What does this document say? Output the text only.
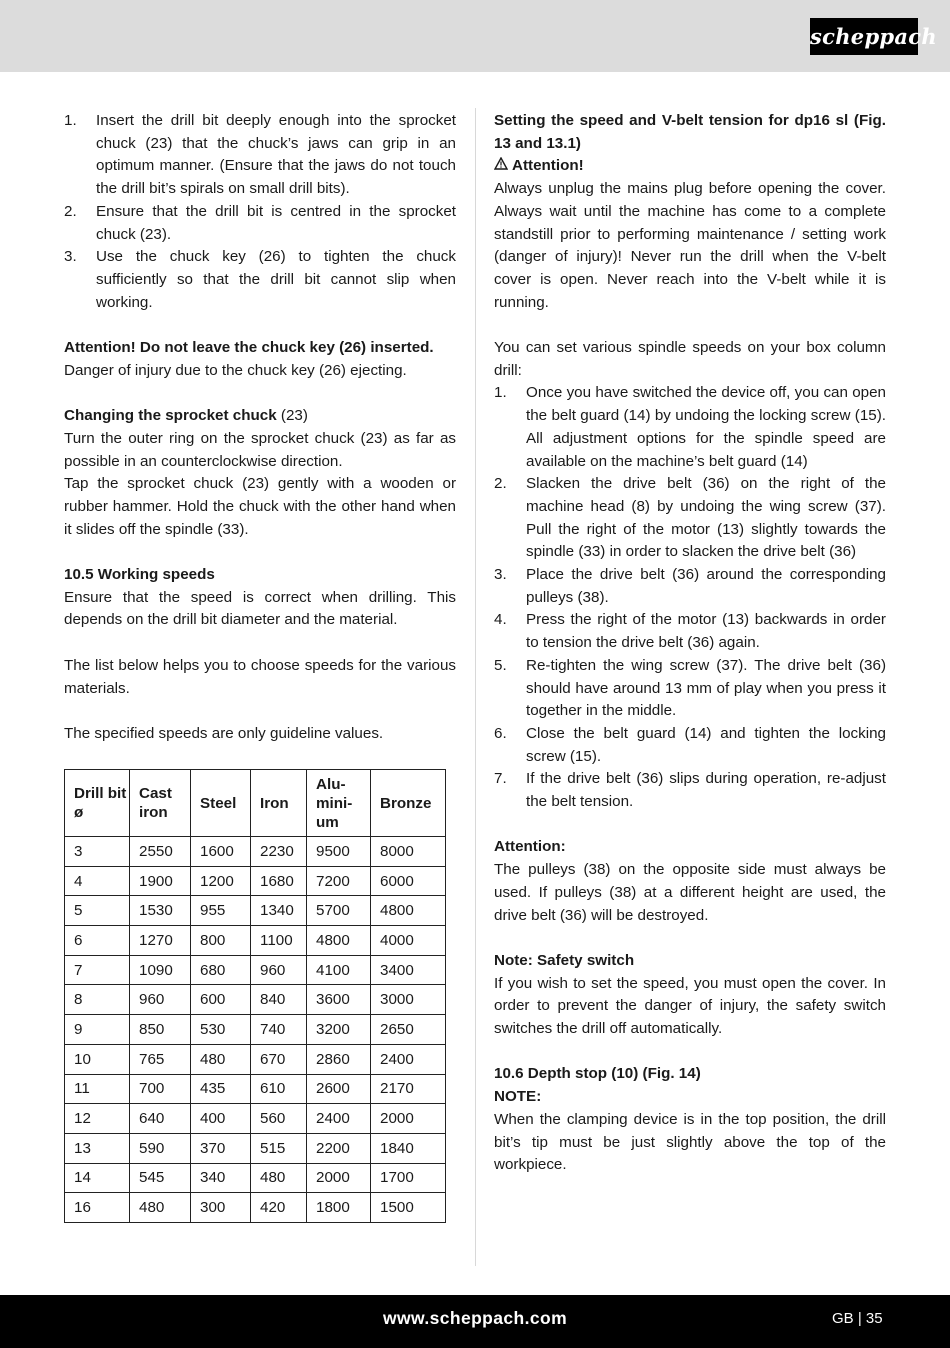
scheppach
1. Insert the drill bit deeply enough into the sprocket chuck (23) that the chuck’s jaws can grip in an optimum manner. (Ensure that the jaws do not touch the drill bit’s spirals on small drill bits).
2. Ensure that the drill bit is centred in the sprocket chuck (23).
3. Use the chuck key (26) to tighten the chuck sufficiently so that the drill bit cannot slip when working.

Attention! Do not leave the chuck key (26) inserted.

Danger of injury due to the chuck key (26) ejecting.

Changing the sprocket chuck (23)

Turn the outer ring on the sprocket chuck (23) as far as possible in an counterclockwise direction.

Tap the sprocket chuck (23) gently with a wooden or rubber hammer. Hold the chuck with the other hand when it slides off the spindle (33).

10.5 Working speeds

Ensure that the speed is correct when drilling. This depends on the drill bit diameter and the material.

The list below helps you to choose speeds for the various materials.

The specified speeds are only guideline values.

Drill bit ø	Cast iron	Steel	Iron	Alu-mini-um	Bronze
3	2550	1600	2230	9500	8000
4	1900	1200	1680	7200	6000
5	1530	955	1340	5700	4800
6	1270	800	1100	4800	4000
7	1090	680	960	4100	3400
8	960	600	840	3600	3000
9	850	530	740	3200	2650
10	765	480	670	2860	2400
11	700	435	610	2600	2170
12	640	400	560	2400	2000
13	590	370	515	2200	1840
14	545	340	480	2000	1700
16	480	300	420	1800	1500

Setting the speed and V-belt tension for dp16 sl (Fig. 13 and 13.1)

Attention!

Always unplug the mains plug before opening the cover. Always wait until the machine has come to a complete standstill prior to performing maintenance / setting work (danger of injury)! Never run the drill when the V-belt cover is open. Never reach into the V-belt while it is running.

You can set various spindle speeds on your box column drill:

1. Once you have switched the device off, you can open the belt guard (14) by undoing the locking screw (15). All adjustment options for the spindle speed are available on the machine’s belt guard (14)
2. Slacken the drive belt (36) on the right of the machine head (8) by undoing the wing screw (37). Pull the right of the motor (13) slightly towards the spindle (33) in order to slacken the drive belt (36)
3. Place the drive belt (36) around the corresponding pulleys (38).
4. Press the right of the motor (13) backwards in order to tension the drive belt (36) again.
5. Re-tighten the wing screw (37). The drive belt (36) should have around 13 mm of play when you press it together in the middle.
6. Close the belt guard (14) and tighten the locking screw (15).
7. If the drive belt (36) slips during operation, re-adjust the belt tension.

Attention:

The pulleys (38) on the opposite side must always be used. If pulleys (38) at a different height are used, the drive belt (36) will be destroyed.

Note: Safety switch

If you wish to set the speed, you must open the cover. In order to prevent the danger of injury, the safety switch switches the drill off automatically.

10.6 Depth stop (10) (Fig. 14)

NOTE:

When the clamping device is in the top position, the drill bit’s tip must be just slightly above the top of the workpiece.

www.scheppach.com	GB | 35
